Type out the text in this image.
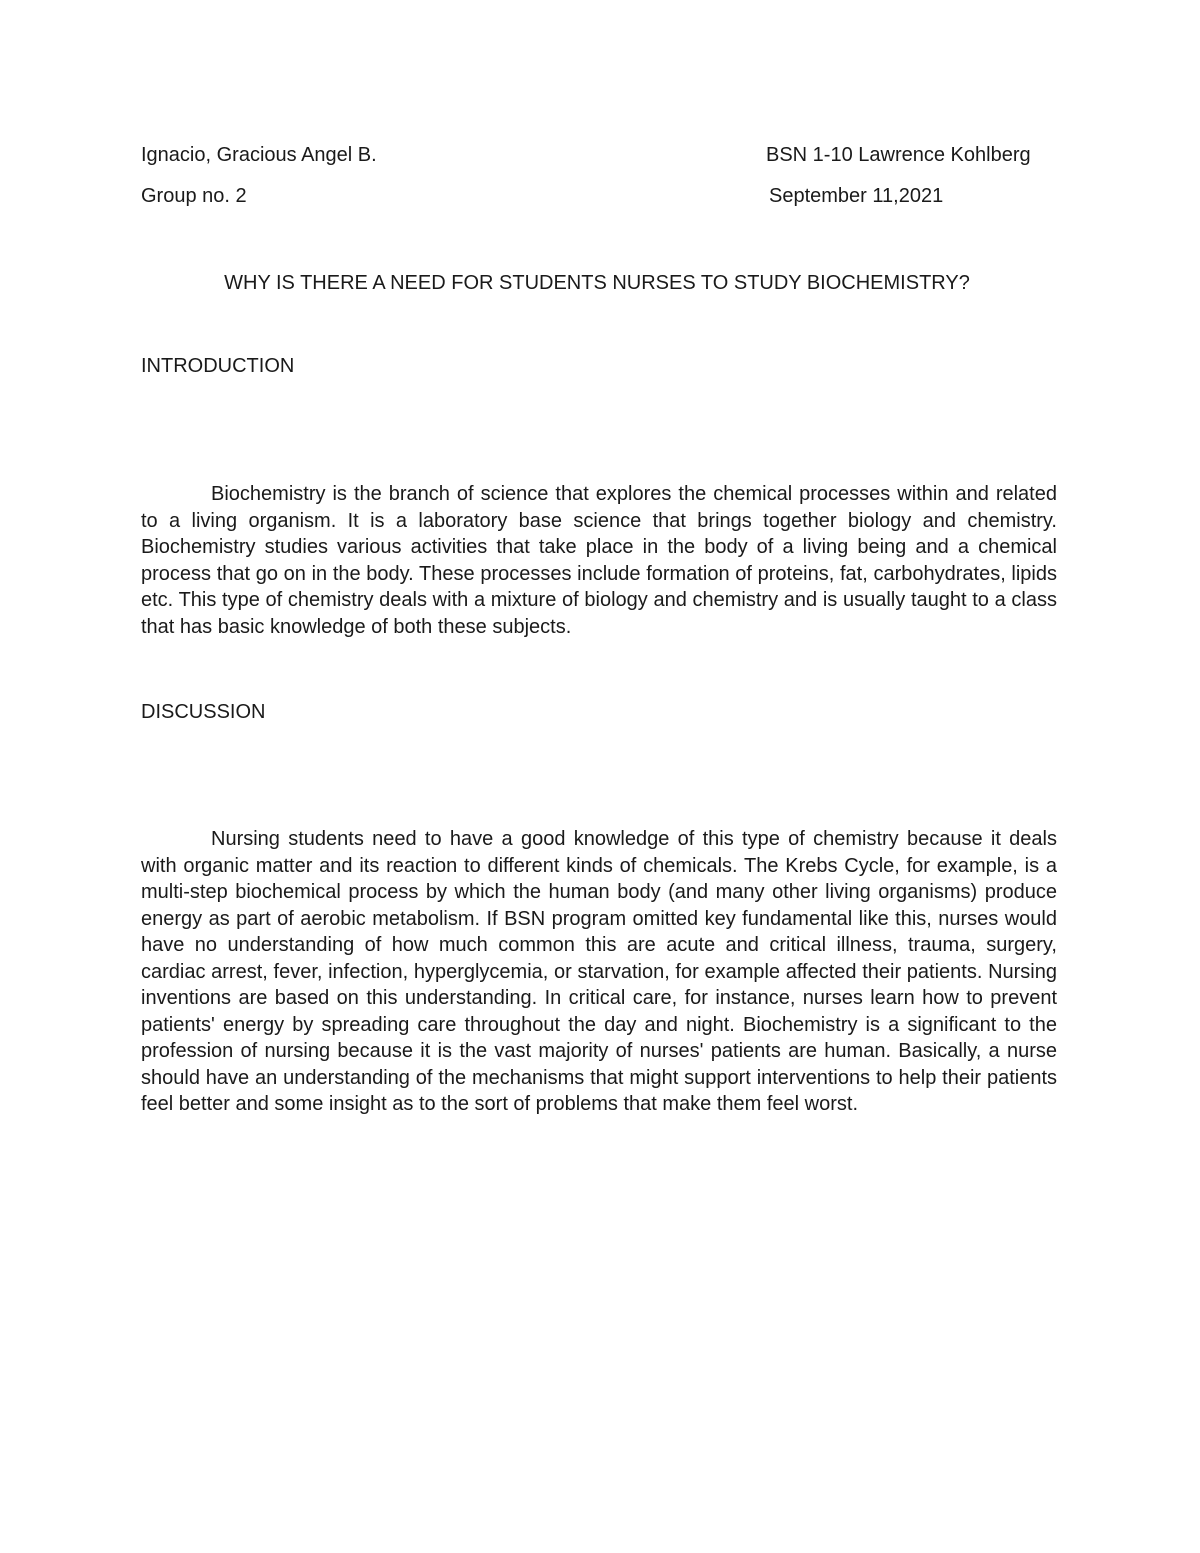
Ignacio, Gracious Angel B.	BSN 1-10 Lawrence Kohlberg
Group no. 2	September 11,2021
WHY IS THERE A NEED FOR STUDENTS NURSES TO STUDY BIOCHEMISTRY?
INTRODUCTION

Biochemistry is the branch of science that explores the chemical processes within and related to a living organism. It is a laboratory base science that brings together biology and chemistry. Biochemistry studies various activities that take place in the body of a living being and a chemical process that go on in the body. These processes include formation of proteins, fat, carbohydrates, lipids etc. This type of chemistry deals with a mixture of biology and chemistry and is usually taught to a class that has basic knowledge of both these subjects.

DISCUSSION

Nursing students need to have a good knowledge of this type of chemistry because it deals with organic matter and its reaction to different kinds of chemicals. The Krebs Cycle, for example, is a multi-step biochemical process by which the human body (and many other living organisms) produce energy as part of aerobic metabolism. If BSN program omitted key fundamental like this, nurses would have no understanding of how much common this are acute and critical illness, trauma, surgery, cardiac arrest, fever, infection, hyperglycemia, or starvation, for example affected their patients. Nursing inventions are based on this understanding. In critical care, for instance, nurses learn how to prevent patients' energy by spreading care throughout the day and night. Biochemistry is a significant to the profession of nursing because it is the vast majority of nurses' patients are human. Basically, a nurse should have an understanding of the mechanisms that might support interventions to help their patients feel better and some insight as to the sort of problems that make them feel worst.
